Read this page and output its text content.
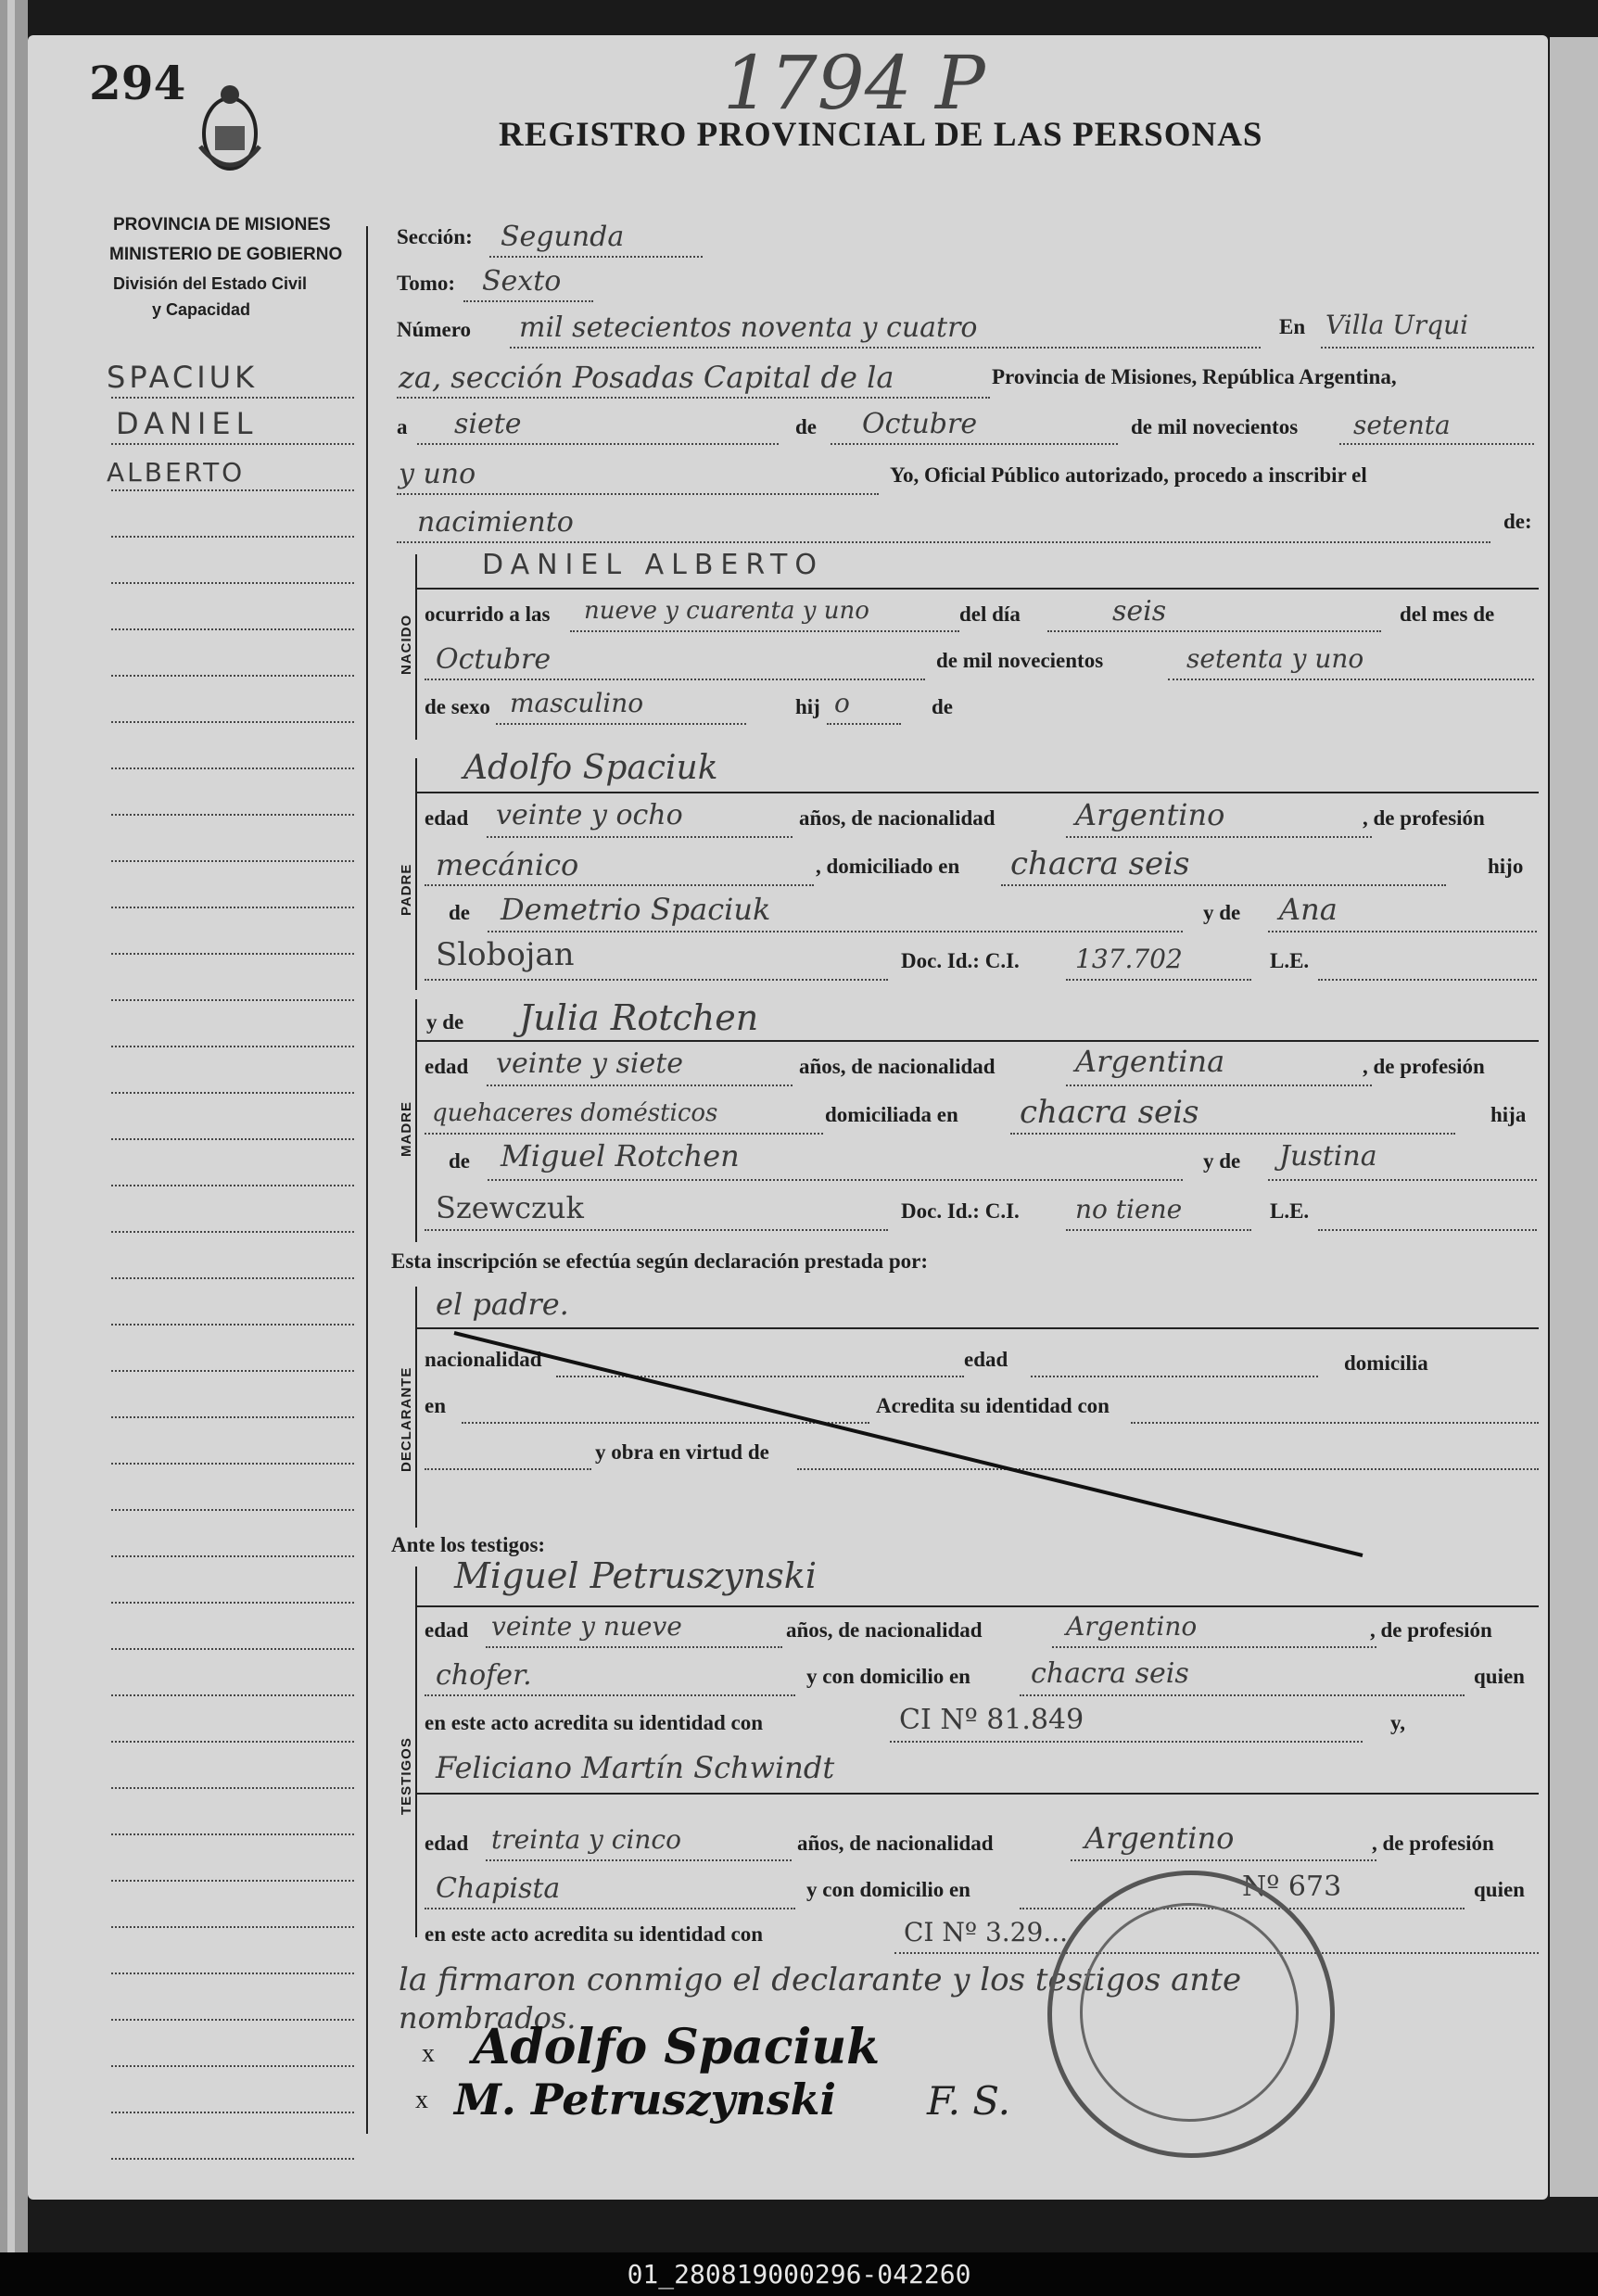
294	1794 P
REGISTRO PROVINCIAL DE LAS PERSONAS
PROVINCIA DE MISIONES
MINISTERIO DE GOBIERNO
División del Estado Civil
y Capacidad
SPACIUK
DANIEL
ALBERTO
Sección: Segunda
Tomo: Sexto
Número mil setecientos noventa y cuatro	En Villa Urqui
za, sección Posadas Capital de la	Provincia de Misiones, República Argentina,
a siete	de Octubre	de mil novecientos setenta
y uno	Yo, Oficial Público autorizado, procedo a inscribir el
nacimiento	de:
NACIDO
DANIEL ALBERTO
ocurrido a las nueve y cuarenta y uno	del día	seis	del mes de
Octubre	de mil novecientos	setenta y uno
de sexo masculino	hij o	de
PADRE
Adolfo Spaciuk
edad veinte y ocho	años, de nacionalidad	Argentino	, de profesión
mecánico	, domiciliado en chacra seis	hijo
de Demetrio Spaciuk	y de Ana
Slobojan	Doc. Id.: C.I. 137.702	L.E.
MADRE
y de Julia Rotchen
edad veinte y siete	años, de nacionalidad	Argentina	, de profesión
quehaceres domésticos	domiciliada en chacra seis	hija
de Miguel Rotchen	y de Justina
Szewczuk	Doc. Id.: C.I. no tiene	L.E.
Esta inscripción se efectúa según declaración prestada por:
DECLARANTE
el padre.
nacionalidad	edad	domicilia
en	Acredita su identidad con
y obra en virtud de
Ante los testigos:
TESTIGOS
Miguel Petruszynski
edad veinte y nueve	años, de nacionalidad	Argentino	, de profesión
chofer.	y con domicilio en chacra seis	quien
en este acto acredita su identidad con	CI Nº 81.849	y,
Feliciano Martín Schwindt
edad treinta y cinco	años, de nacionalidad	Argentino	, de profesión
Chapista	y con domicilio en	Nº 673	quien
en este acto acredita su identidad con	CI Nº 3.29...
la firmaron conmigo el declarante y los testigos ante
nombrados.
x
x
Adolfo Spaciuk
M. Petruszynski F. S.
01_280819000296-042260
